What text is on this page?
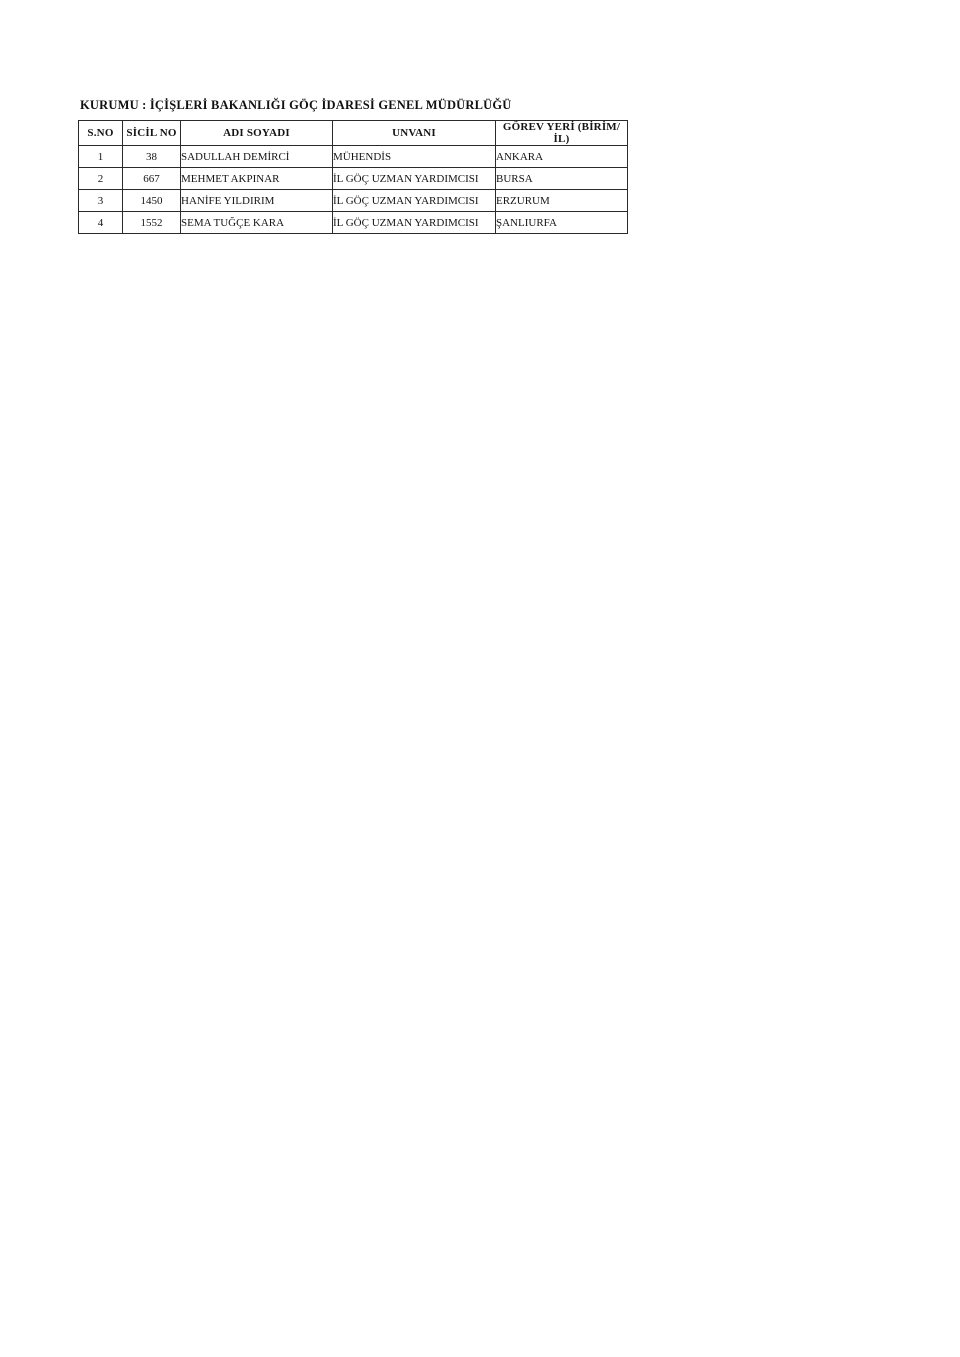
KURUMU : İÇİŞLERİ BAKANLIĞI GÖÇ İDARESİ GENEL MÜDÜRLÜĞÜ
S.NO	SİCİL NO	ADI SOYADI	UNVANI	GÖREV YERİ (BİRİM/İL)
1	38	SADULLAH DEMİRCİ	MÜHENDİS	ANKARA
2	667	MEHMET AKPINAR	İL GÖÇ UZMAN YARDIMCISI	BURSA
3	1450	HANİFE YILDIRIM	İL GÖÇ UZMAN YARDIMCISI	ERZURUM
4	1552	SEMA TUĞÇE KARA	İL GÖÇ UZMAN YARDIMCISI	ŞANLIURFA
